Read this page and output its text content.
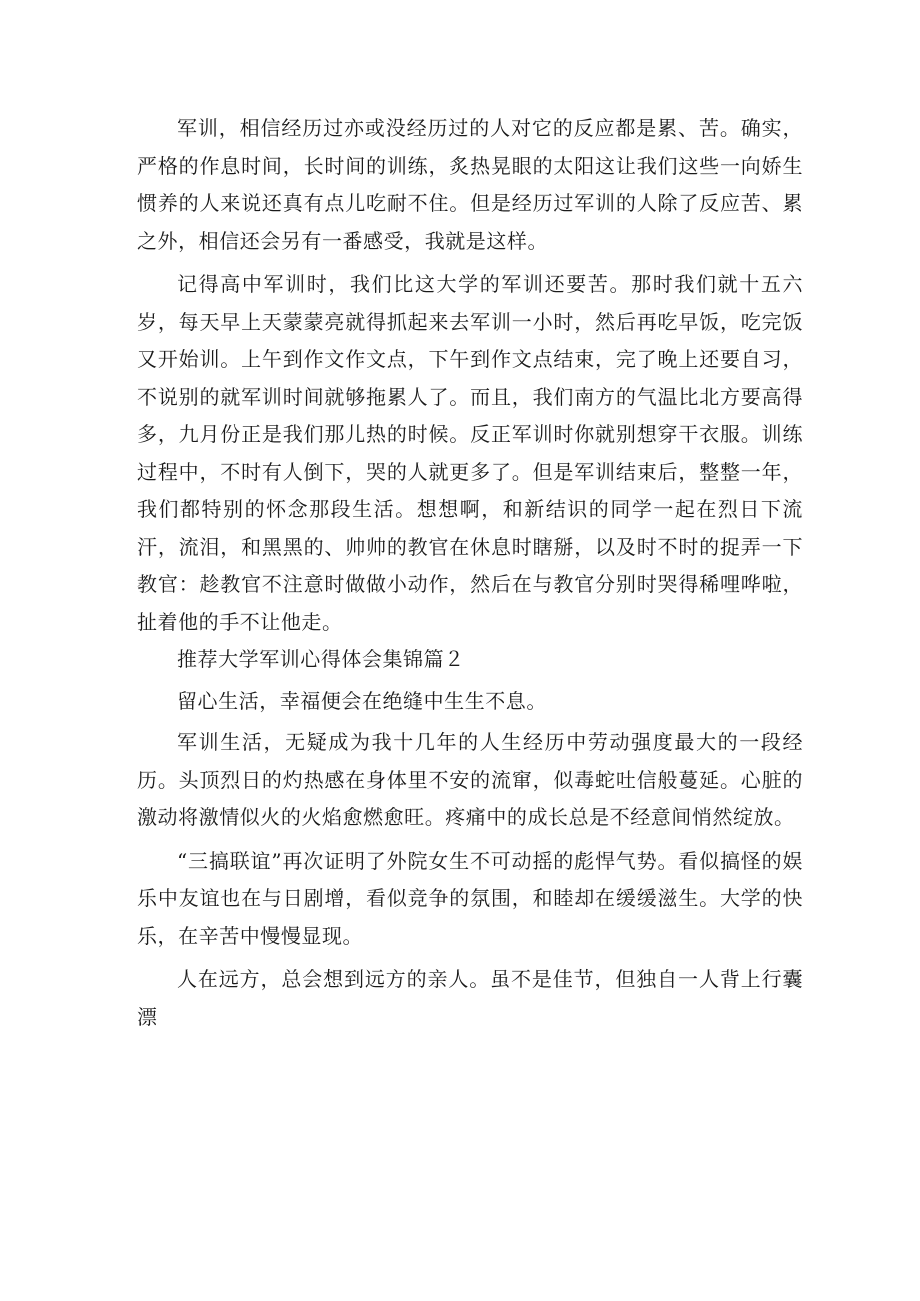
军训，相信经历过亦或没经历过的人对它的反应都是累、苦。确实，严格的作息时间，长时间的训练，炙热晃眼的太阳这让我们这些一向娇生惯养的人来说还真有点儿吃耐不住。但是经历过军训的人除了反应苦、累之外，相信还会另有一番感受，我就是这样。

记得高中军训时，我们比这大学的军训还要苦。那时我们就十五六岁，每天早上天蒙蒙亮就得抓起来去军训一小时，然后再吃早饭，吃完饭又开始训。上午到作文作文点，下午到作文点结束，完了晚上还要自习，不说别的就军训时间就够拖累人了。而且，我们南方的气温比北方要高得多，九月份正是我们那儿热的时候。反正军训时你就别想穿干衣服。训练过程中，不时有人倒下，哭的人就更多了。但是军训结束后，整整一年，我们都特别的怀念那段生活。想想啊，和新结识的同学一起在烈日下流汗，流泪，和黑黑的、帅帅的教官在休息时瞎掰，以及时不时的捉弄一下教官：趁教官不注意时做做小动作，然后在与教官分别时哭得稀哩哗啦，扯着他的手不让他走。

推荐大学军训心得体会集锦篇２

留心生活，幸福便会在绝缝中生生不息。

军训生活，无疑成为我十几年的人生经历中劳动强度最大的一段经历。头顶烈日的灼热感在身体里不安的流窜，似毒蛇吐信般蔓延。心脏的激动将激情似火的火焰愈燃愈旺。疼痛中的成长总是不经意间悄然绽放。

“三搞联谊”再次证明了外院女生不可动摇的彪悍气势。看似搞怪的娱乐中友谊也在与日剧增，看似竞争的氛围，和睦却在缓缓滋生。大学的快乐，在辛苦中慢慢显现。

人在远方，总会想到远方的亲人。虽不是佳节，但独自一人背上行囊漂
